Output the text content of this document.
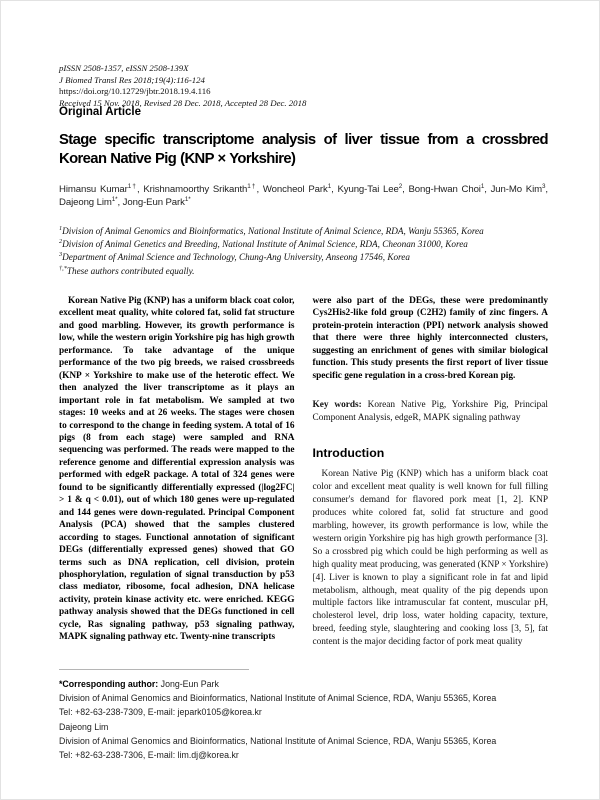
pISSN 2508-1357, eISSN 2508-139X
J Biomed Transl Res 2018;19(4):116-124
https://doi.org/10.12729/jbtr.2018.19.4.116
Received 15 Nov. 2018, Revised 28 Dec. 2018, Accepted 28 Dec. 2018
Original Article
Stage specific transcriptome analysis of liver tissue from a crossbred Korean Native Pig (KNP × Yorkshire)
Himansu Kumar$^{1\dagger}$, Krishnamoorthy Srikanth$^{1\dagger}$, Woncheol Park$^1$, Kyung-Tai Lee$^2$, Bong-Hwan Choi$^1$, Jun-Mo Kim$^3$, Dajeong Lim$^{1*}$, Jong-Eun Park$^{1*}$
$^1$Division of Animal Genomics and Bioinformatics, National Institute of Animal Science, RDA, Wanju 55365, Korea
$^2$Division of Animal Genetics and Breeding, National Institute of Animal Science, RDA, Cheonan 31000, Korea
$^3$Department of Animal Science and Technology, Chung-Ang University, Anseong 17546, Korea
†,*These authors contributed equally.

Korean Native Pig (KNP) has a uniform black coat color, excellent meat quality, white colored fat, solid fat structure and good marbling. However, its growth performance is low, while the western origin Yorkshire pig has high growth performance. To take advantage of the unique performance of the two pig breeds, we raised crossbreeds (KNP × Yorkshire to make use of the heterotic effect. We then analyzed the liver transcriptome as it plays an important role in fat metabolism. We sampled at two stages: 10 weeks and at 26 weeks. The stages were chosen to correspond to the change in feeding system. A total of 16 pigs (8 from each stage) were sampled and RNA sequencing was performed. The reads were mapped to the reference genome and differential expression analysis was performed with edgeR package. A total of 324 genes were found to be significantly differentially expressed (|log2FC| > 1 & q < 0.01), out of which 180 genes were up-regulated and 144 genes were down-regulated. Principal Component Analysis (PCA) showed that the samples clustered according to stages. Functional annotation of significant DEGs (differentially expressed genes) showed that GO terms such as DNA replication, cell division, protein phosphorylation, regulation of signal transduction by p53 class mediator, ribosome, focal adhesion, DNA helicase activity, protein kinase activity etc. were enriched. KEGG pathway analysis showed that the DEGs functioned in cell cycle, Ras signaling pathway, p53 signaling pathway, MAPK signaling pathway etc. Twenty-nine transcripts

were also part of the DEGs, these were predominantly Cys2His2-like fold group (C2H2) family of zinc fingers. A protein-protein interaction (PPI) network analysis showed that there were three highly interconnected clusters, suggesting an enrichment of genes with similar biological function. This study presents the first report of liver tissue specific gene regulation in a cross-bred Korean pig.

Key words: Korean Native Pig, Yorkshire Pig, Principal Component Analysis, edgeR, MAPK signaling pathway

Introduction

Korean Native Pig (KNP) which has a uniform black coat color and excellent meat quality is well known for full filling consumer's demand for flavored pork meat [1, 2]. KNP produces white colored fat, solid fat structure and good marbling, however, its growth performance is low, while the western origin Yorkshire pig has high growth performance [3]. So a crossbred pig which could be high performing as well as high quality meat producing, was generated (KNP × Yorkshire) [4]. Liver is known to play a significant role in fat and lipid metabolism, although, meat quality of the pig depends upon multiple factors like intramuscular fat content, muscular pH, cholesterol level, drip loss, water holding capacity, texture, breed, feeding style, slaughtering and cooking loss [3, 5], fat content is the major deciding factor of pork meat quality

*Corresponding author: Jong-Eun Park
Division of Animal Genomics and Bioinformatics, National Institute of Animal Science, RDA, Wanju 55365, Korea
Tel: +82-63-238-7309, E-mail: jepark0105@korea.kr
Dajeong Lim
Division of Animal Genomics and Bioinformatics, National Institute of Animal Science, RDA, Wanju 55365, Korea
Tel: +82-63-238-7306, E-mail: lim.dj@korea.kr
